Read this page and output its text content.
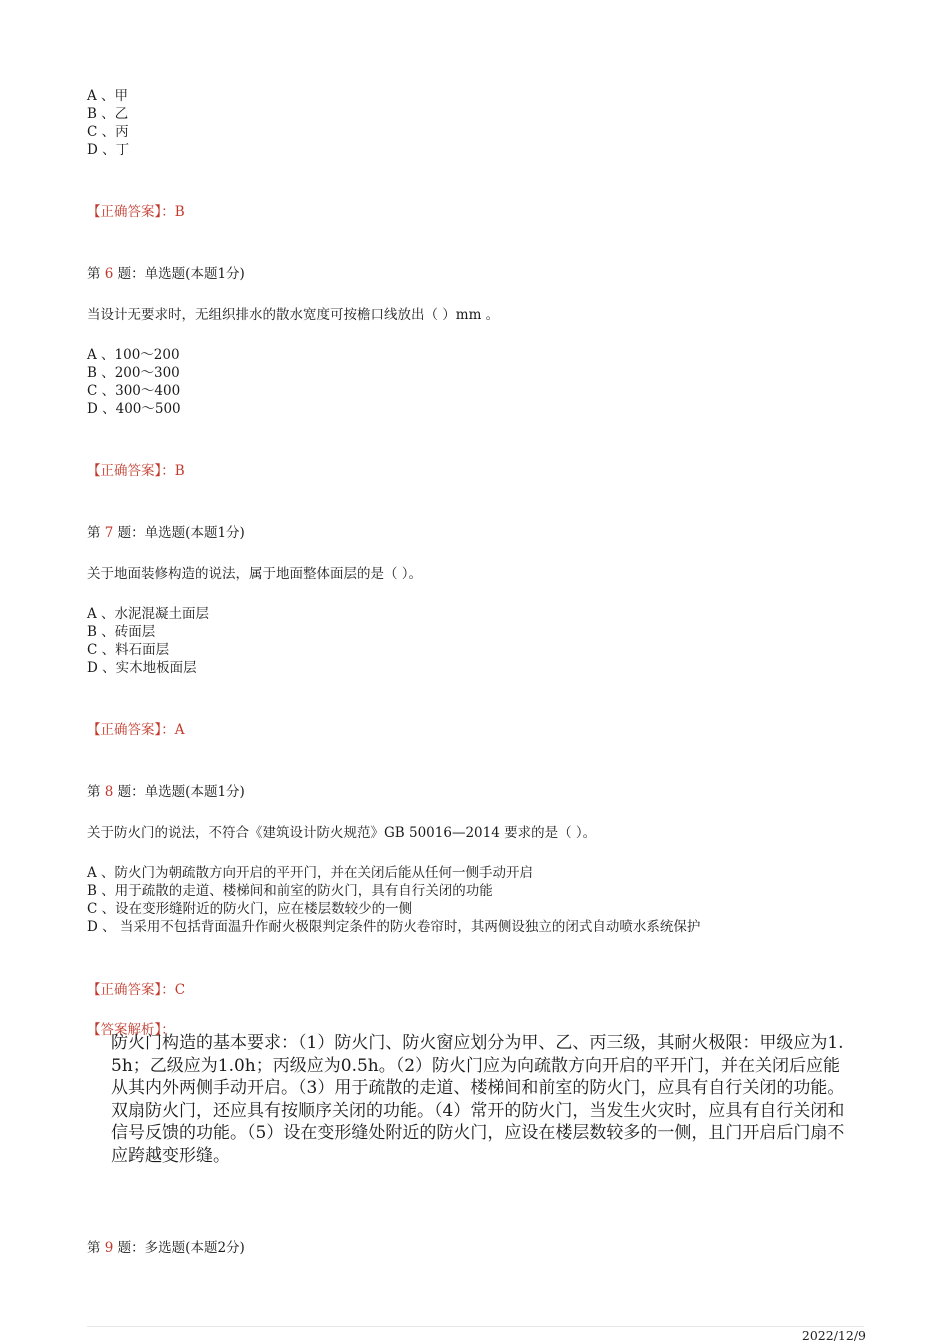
A 、甲
B 、乙
C 、丙
D 、丁
【正确答案】：B
第 6 题：单选题(本题1分)
当设计无要求时，无组织排水的散水宽度可按檐口线放出（ ）mm 。
A 、100～200
B 、200～300
C 、300～400
D 、400～500
【正确答案】：B
第 7 题：单选题(本题1分)
关于地面装修构造的说法，属于地面整体面层的是（ ）。
A 、水泥混凝土面层
B 、砖面层
C 、料石面层
D 、实木地板面层
【正确答案】：A
第 8 题：单选题(本题1分)
关于防火门的说法，不符合《建筑设计防火规范》GB 50016—2014 要求的是（ ）。
A 、防火门为朝疏散方向开启的平开门，并在关闭后能从任何一侧手动开启
B 、用于疏散的走道、楼梯间和前室的防火门，具有自行关闭的功能
C 、设在变形缝附近的防火门，应在楼层数较少的一侧
D 、 当采用不包括背面温升作耐火极限判定条件的防火卷帘时，其两侧设独立的闭式自动喷水系统保护
【正确答案】：C
【答案解析】：
防火门构造的基本要求：（1）防火门、防火窗应划分为甲、乙、丙三级，其耐火极限：甲级应为1.5h；乙级应为1.0h；丙级应为0.5h。（2）防火门应为向疏散方向开启的平开门，并在关闭后应能从其内外两侧手动开启。（3）用于疏散的走道、楼梯间和前室的防火门，应具有自行关闭的功能。双扇防火门，还应具有按顺序关闭的功能。（4）常开的防火门，当发生火灾时，应具有自行关闭和信号反馈的功能。（5）设在变形缝处附近的防火门，应设在楼层数较多的一侧，且门开启后门扇不应跨越变形缝。
第 9 题：多选题(本题2分)
2022/12/9
